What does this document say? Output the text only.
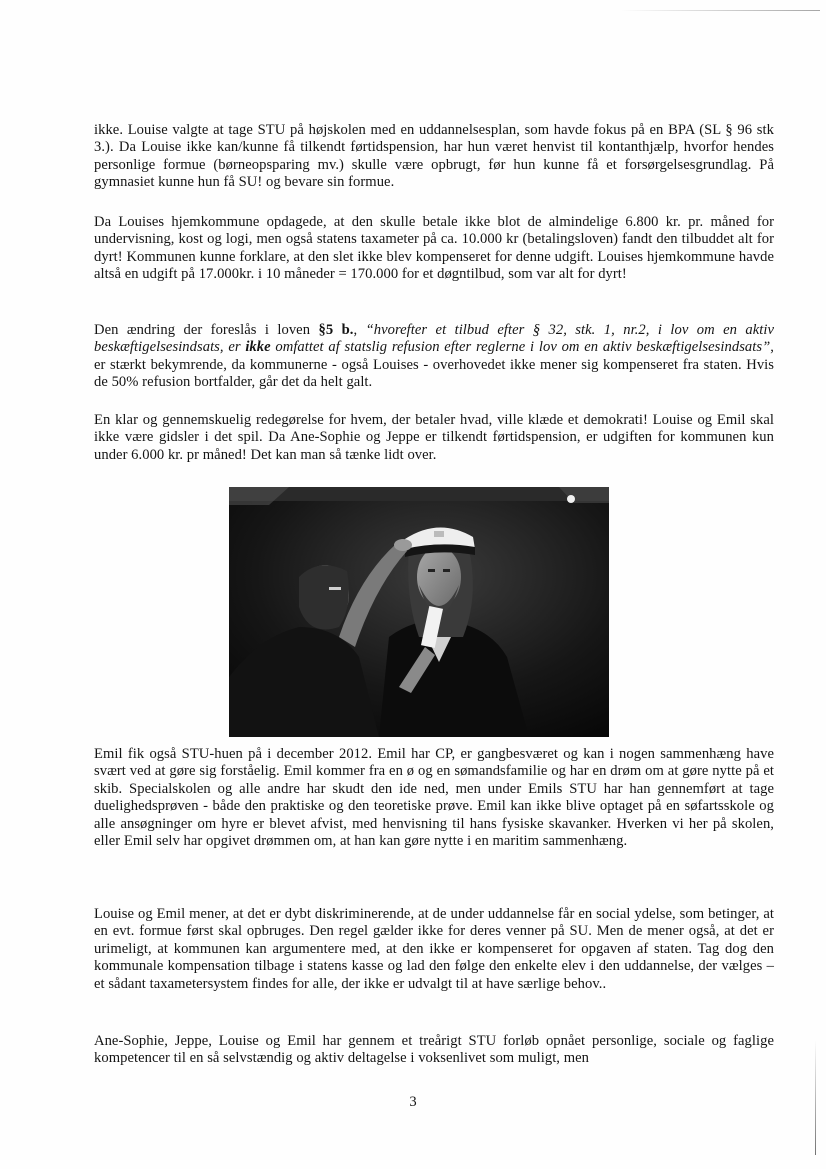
ikke. Louise valgte at tage STU på højskolen med en uddannelsesplan, som havde fokus på en BPA (SL § 96 stk 3.). Da Louise ikke kan/kunne få tilkendt førtidspension, har hun været henvist til kontanthjælp, hvorfor hendes personlige formue (børneopsparing mv.) skulle være opbrugt, før hun kunne få et forsørgelsesgrundlag. På gymnasiet kunne hun få SU! og bevare sin formue.

Da Louises hjemkommune opdagede, at den skulle betale ikke blot de almindelige 6.800 kr. pr. måned for undervisning, kost og logi, men også statens taxameter på ca. 10.000 kr (betalingsloven) fandt den tilbuddet alt for dyrt! Kommunen kunne forklare, at den slet ikke blev kompenseret for denne udgift. Louises hjemkommune havde altså en udgift på 17.000kr. i 10 måneder = 170.000 for et døgntilbud, som var alt for dyrt!

Den ændring der foreslås i loven §5 b., “hvorefter et tilbud efter § 32, stk. 1, nr.2, i lov om en aktiv beskæftigelsesindsats, er ikke omfattet af statslig refusion efter reglerne i lov om en aktiv beskæftigelsesindsats”, er stærkt bekymrende, da kommunerne - også Louises - overhovedet ikke mener sig kompenseret fra staten. Hvis de 50% refusion bortfalder, går det da helt galt.

En klar og gennemskuelig redegørelse for hvem, der betaler hvad, ville klæde et demokrati! Louise og Emil skal ikke være gidsler i det spil. Da Ane-Sophie og Jeppe er tilkendt førtidspension, er udgiften for kommunen kun under 6.000 kr. pr måned! Det kan man så tænke lidt over.

Emil fik også STU-huen på i december 2012. Emil har CP, er gangbesværet og kan i nogen sammenhæng have svært ved at gøre sig forståelig. Emil kommer fra en ø og en sømandsfamilie og har en drøm om at gøre nytte på et skib. Specialskolen og alle andre har skudt den ide ned, men under Emils STU har han gennemført at tage duelighedsprøven - både den praktiske og den teoretiske prøve. Emil kan ikke blive optaget på en søfartsskole og alle ansøgninger om hyre er blevet afvist, med henvisning til hans fysiske skavanker. Hverken vi her på skolen, eller Emil selv har opgivet drømmen om, at han kan gøre nytte i en maritim sammenhæng.

Louise og Emil mener, at det er dybt diskriminerende, at de under uddannelse får en social ydelse, som betinger, at en evt. formue først skal opbruges. Den regel gælder ikke for deres venner på SU. Men de mener også, at det er urimeligt, at kommunen kan argumentere med, at den ikke er kompenseret for opgaven af staten. Tag dog den kommunale kompensation tilbage i statens kasse og lad den følge den enkelte elev i den uddannelse, der vælges – et sådant taxametersystem findes for alle, der ikke er udvalgt til at have særlige behov..

Ane-Sophie, Jeppe, Louise og Emil har gennem et treårigt STU forløb opnået personlige, sociale og faglige kompetencer til en så selvstændig og aktiv deltagelse i voksenlivet som muligt, men

3
